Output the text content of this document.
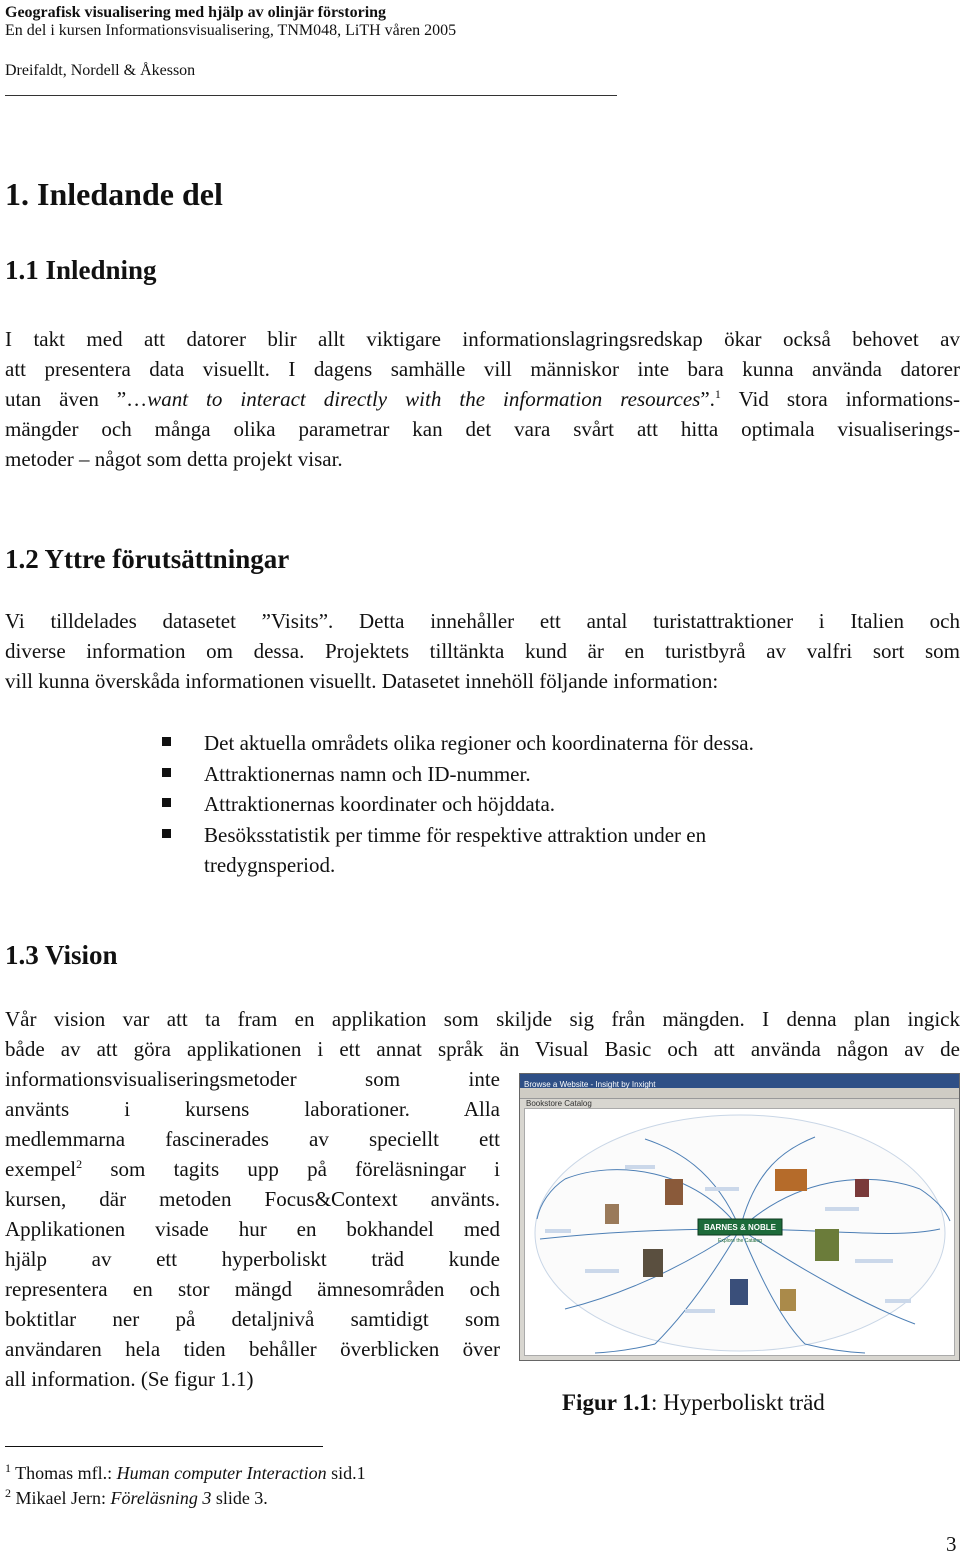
Geografisk visualisering med hjälp av olinjär förstoring
En del i kursen Informationsvisualisering, TNM048, LiTH våren 2005
Dreifaldt, Nordell & Åkesson
1. Inledande del
1.1 Inledning
I takt med att datorer blir allt viktigare informationslagringsredskap ökar också behovet av
att presentera data visuellt. I dagens samhälle vill människor inte bara kunna använda datorer
utan även ”…want to interact directly with the information resources”.$^1$ Vid stora informations-
mängder och många olika parametrar kan det vara svårt att hitta optimala visualiserings-
metoder – något som detta projekt visar.
1.2 Yttre förutsättningar
Vi tilldelades datasetet ”Visits”. Detta innehåller ett antal turistattraktioner i Italien och
diverse information om dessa. Projektets tilltänkta kund är en turistbyrå av valfri sort som
vill kunna överskåda informationen visuellt. Datasetet innehöll följande information:
Det aktuella områdets olika regioner och koordinaterna för dessa.
Attraktionernas namn och ID-nummer.
Attraktionernas koordinater och höjddata.
Besöksstatistik per timme för respektive attraktion under en
tredygnsperiod.
1.3 Vision
Vår vision var att ta fram en applikation som skiljde sig från mängden. I denna plan ingick
både av att göra applikationen i ett annat språk än Visual Basic och att använda någon av de
informationsvisualiseringsmetoder som inte
använts i kursens laborationer. Alla
medlemmarna fascinerades av speciellt ett
exempel$^2$ som tagits upp på föreläsningar i
kursen, där metoden Focus&Context använts.
Applikationen visade hur en bokhandel med
hjälp av ett hyperboliskt träd kunde
representera en stor mängd ämnesområden och
boktitlar ner på detaljnivå samtidigt som
användaren hela tiden behåller överblicken över
all information. (Se figur 1.1)
Browse a Website - Insight by Inxight
Bookstore Catalog
BARNES & NOBLE
Explore the Catalog
Figur 1.1: Hyperboliskt träd
$^1$ Thomas mfl.: Human computer Interaction sid.1
$^2$ Mikael Jern: Föreläsning 3 slide 3.
3
